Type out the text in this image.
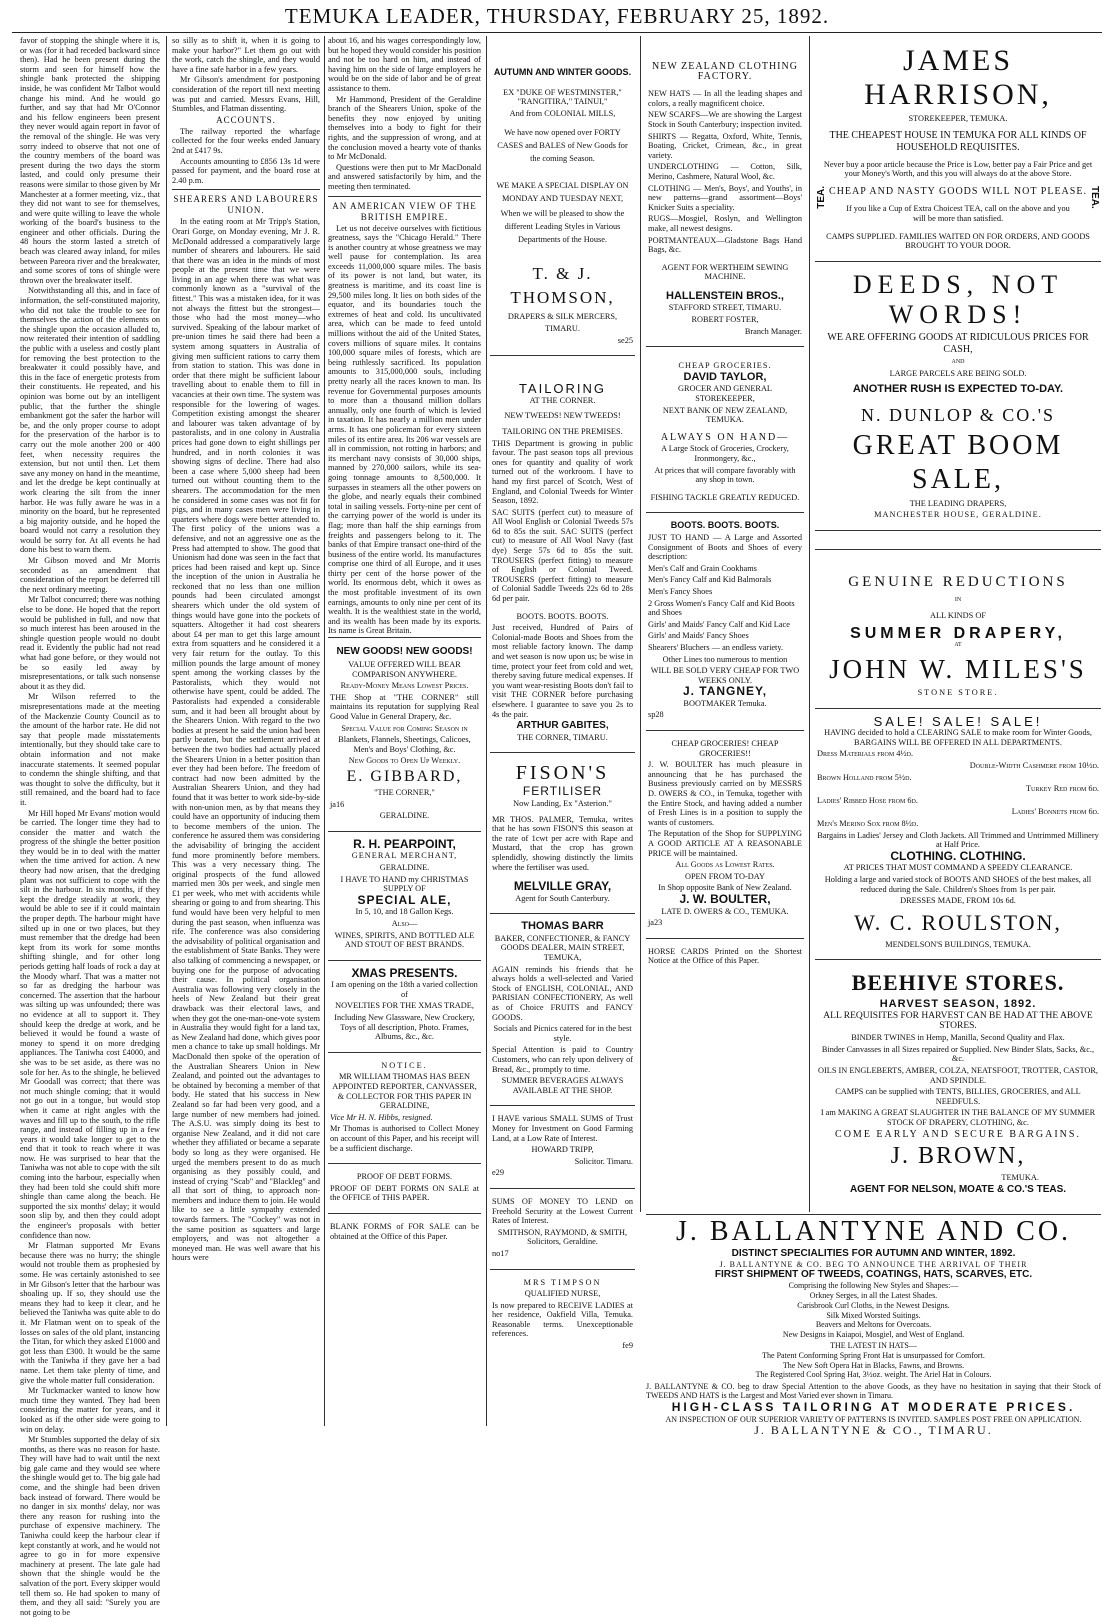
TEMUKA LEADER, THURSDAY, FEBRUARY 25, 1892.

favor of stopping the shingle where it is, or was (for it had receded backward since then). Had he been present during the storm and seen for himself how the shingle bank protected the shipping inside, he was confident Mr Talbot would change his mind. And he would go further, and say that had Mr O'Connor and his fellow engineers been present they never would again report in favor of the removal of the shingle. He was very sorry indeed to observe that not one of the country members of the board was present during the two days the storm lasted, and could only presume their reasons were similar to those given by Mr Manchester at a former meeting, viz., that they did not want to see for themselves, and were quite willing to leave the whole working of the board's business to the engineer and other officials. During the 48 hours the storm lasted a stretch of beach was cleared away inland, for miles between Pareora river and the breakwater, and some scores of tons of shingle were thrown over the breakwater itself.

Notwithstanding all this, and in face of information, the self-constituted majority, who did not take the trouble to see for themselves the action of the elements on the shingle upon the occasion alluded to, now reiterated their intention of saddling the public with a useless and costly plant for removing the best protection to the breakwater it could possibly have, and this in the face of energetic protests from their constituents. He repeated, and his opinion was borne out by an intelligent public, that the further the shingle embankment got the safer the harbor will be, and the only proper course to adopt for the preservation of the harbor is to carry out the mole another 200 or 400 feet, when necessity requires the extension, but not until then. Let them save any money on hand in the meantime, and let the dredge be kept continually at work clearing the silt from the inner harbor. He was fully aware he was in a minority on the board, but he represented a big majority outside, and he hoped the board would not carry a resolution they would be sorry for. At all events he had done his best to warn them.

Mr Gibson moved and Mr Morris seconded as an amendment that consideration of the report be deferred till the next ordinary meeting.

Mr Talbot concurred; there was nothing else to be done. He hoped that the report would be published in full, and now that so much interest has been aroused in the shingle question people would no doubt read it. Evidently the public had not read what had gone before, or they would not be so easily led away by misrepresentations, or talk such nonsense about it as they did.

Mr Wilson referred to the misrepresentations made at the meeting of the Mackenzie County Council as to the amount of the harbor rate. He did not say that people made misstatements intentionally, but they should take care to obtain information and not make inaccurate statements. It seemed popular to condemn the shingle shifting, and that was thought to solve the difficulty, but it still remained, and the board had to face it.

Mr Hill hoped Mr Evans' motion would be carried. The longer time they had to consider the matter and watch the progress of the shingle the better position they would be in to deal with the matter when the time arrived for action. A new theory had now arisen, that the dredging plant was not sufficient to cope with the silt in the harbour. In six months, if they kept the dredge steadily at work, they would be able to see if it could maintain the proper depth. The harbour might have silted up in one or two places, but they must remember that the dredge had been kept from its work for some months shifting shingle, and for other long periods getting half loads of rock a day at the Moody wharf. That was a matter not so far as dredging the harbour was concerned. The assertion that the harbour was silting up was unfounded; there was no evidence at all to support it. They should keep the dredge at work, and he believed it would be found a waste of money to spend it on more dredging appliances. The Taniwha cost £4000, and she was to be set aside, as there was no sole for her. As to the shingle, he believed Mr Goodall was correct; that there was not much shingle coming; that it would not go out in a tongue, but would stop when it came at right angles with the waves and fill up to the south, to the rifle range, and instead of filling up in a few years it would take longer to get to the end that it took to reach where it was now. He was surprised to hear that the Taniwha was not able to cope with the silt coming into the harbour, especially when they had been told she could shift more shingle than came along the beach. He supported the six months' delay; it would soon slip by, and then they could adopt the engineer's proposals with better confidence than now.

Mr Flatman supported Mr Evans because there was no hurry; the shingle would not trouble them as prophesied by some. He was certainly astonished to see in Mr Gibson's letter that the harbour was shoaling up. If so, they should use the means they had to keep it clear, and he believed the Taniwha was quite able to do it. Mr Flatman went on to speak of the losses on sales of the old plant, instancing the Titan, for which they asked £1000 and got less than £300. It would be the same with the Taniwha if they gave her a bad name. Let them take plenty of time, and give the whole matter full consideration.

Mr Tuckmacker wanted to know how much time they wanted. They had been considering the matter for years, and it looked as if the other side were going to win on delay.

Mr Stumbles supported the delay of six months, as there was no reason for haste. They will have had to wait until the next big gale came and they would see where the shingle would get to. The big gale had come, and the shingle had been driven back instead of forward. There would be no danger in six months' delay, nor was there any reason for rushing into the purchase of expensive machinery. The Taniwha could keep the harbour clear if kept constantly at work, and he would not agree to go in for more expensive machinery at present. The late gale had shown that the shingle would be the salvation of the port. Every skipper would tell them so. He had spoken to many of them, and they all said: "Surely you are not going to be

so silly as to shift it, when it is going to make your harbor?" Let them go out with the work, catch the shingle, and they would have a fine safe harbor in a few years.

Mr Gibson's amendment for postponing consideration of the report till next meeting was put and carried. Messrs Evans, Hill, Stumbles, and Flatman dissenting.

ACCOUNTS.

The railway reported the wharfage collected for the four weeks ended January 2nd at £417 9s.

Accounts amounting to £856 13s 1d were passed for payment, and the board rose at 2.40 p.m.

SHEARERS AND LABOURERS UNION.

In the eating room at Mr Tripp's Station, Orari Gorge, on Monday evening, Mr J. R. McDonald addressed a comparatively large number of shearers and labourers. He said that there was an idea in the minds of most people at the present time that we were living in an age when there was what was commonly known as a "survival of the fittest." This was a mistaken idea, for it was not always the fittest but the strongest—those who had the most money—who survived. Speaking of the labour market of pre-union times he said there had been a system among squatters in Australia of giving men sufficient rations to carry them from station to station. This was done in order that there might be sufficient labour travelling about to enable them to fill in vacancies at their own time. The system was responsible for the lowering of wages. Competition existing amongst the shearer and labourer was taken advantage of by pastoralists, and in one colony in Australia prices had gone down to eight shillings per hundred, and in north colonies it was showing signs of decline. There had also been a case where 5,000 sheep had been turned out without counting them to the shearers. The accommodation for the men he considered in some cases was not fit for pigs, and in many cases men were living in quarters where dogs were better attended to. The first policy of the unions was a defensive, and not an aggressive one as the Press had attempted to show. The good that Unionism had done was seen in the fact that prices had been raised and kept up. Since the inception of the union in Australia he reckoned that no less than one million pounds had been circulated amongst shearers which under the old system of things would have gone into the pockets of squatters. Altogether it had cost shearers about £4 per man to get this large amount extra from squatters and he considered it a very fair return for the outlay. To this million pounds the large amount of money spent among the working classes by the Pastoralists, which they would not otherwise have spent, could be added. The Pastoralists had expended a considerable sum, and it had been all brought about by the Shearers Union. With regard to the two bodies at present he said the union had been partly beaten, but the settlement arrived at between the two bodies had actually placed the Shearers Union in a better position than ever they had been before. The freedom of contract had now been admitted by the Australian Shearers Union, and they had found that it was better to work side-by-side with non-union men, as by that means they could have an opportunity of inducing them to become members of the union. The conference he assured them was considering the advisability of bringing the accident fund more prominently before members. This was a very necessary thing. The original prospects of the fund allowed married men 30s per week, and single men £1 per week, who met with accidents while shearing or going to and from shearing. This fund would have been very helpful to men during the past season, when influenza was rife. The conference was also considering the advisability of political organisation and the establishment of State Banks. They were also talking of commencing a newspaper, or buying one for the purpose of advocating their cause. In political organisation Australia was following very closely in the heels of New Zealand but their great drawback was their electoral laws, and when they got the one-man-one-vote system in Australia they would fight for a land tax, as New Zealand had done, which gives poor men a chance to take up small holdings. Mr MacDonald then spoke of the operation of the Australian Shearers Union in New Zealand, and pointed out the advantages to be obtained by becoming a member of that body. He stated that his success in New Zealand so far had been very good, and a large number of new members had joined. The A.S.U. was simply doing its best to organise New Zealand, and it did not care whether they affiliated or became a separate body so long as they were organised. He urged the members present to do as much organising as they possibly could, and instead of crying "Scab" and "Blackleg" and all that sort of thing, to approach non-members and induce them to join. He would like to see a little sympathy extended towards farmers. The "Cockey" was not in the same position as squatters and large employers, and was not altogether a moneyed man. He was well aware that his hours were

about 16, and his wages correspondingly low, but he hoped they would consider his position and not be too hard on him, and instead of having him on the side of large employers he would be on the side of labor and be of great assistance to them.

Mr Hammond, President of the Geraldine branch of the Shearers Union, spoke of the benefits they now enjoyed by uniting themselves into a body to fight for their rights, and the suppression of wrong, and at the conclusion moved a hearty vote of thanks to Mr McDonald.

Questions were then put to Mr MacDonald and answered satisfactorily by him, and the meeting then terminated.

AN AMERICAN VIEW OF THE BRITISH EMPIRE.

Let us not deceive ourselves with fictitious greatness, says the "Chicago Herald." There is another country at whose greatness we may well pause for contemplation. Its area exceeds 11,000,000 square miles. The basis of its power is not land, but water, its greatness is maritime, and its coast line is 29,500 miles long. It lies on both sides of the equator, and its boundaries touch the extremes of heat and cold. Its uncultivated area, which can be made to feed untold millions without the aid of the United States, covers millions of square miles. It contains 100,000 square miles of forests, which are being ruthlessly sacrificed. Its population amounts to 315,000,000 souls, including pretty nearly all the races known to man. Its revenue for Governmental purposes amounts to more than a thousand million dollars annually, only one fourth of which is levied in taxation. It has nearly a million men under arms. It has one policeman for every sixteen miles of its entire area. Its 206 war vessels are all in commission, not rotting in harbors; and its merchant navy consists of 30,000 ships, manned by 270,000 sailors, while its sea-going tonnage amounts to 8,500,000. It surpasses in steamers all the other powers on the globe, and nearly equals their combined total in sailing vessels. Forty-nine per cent of the carrying power of the world is under its flag; more than half the ship earnings from freights and passengers belong to it. The banks of that Empire transact one-third of the business of the entire world. Its manufactures comprise one third of all Europe, and it uses thirty per cent of the horse power of the world. Its enormous debt, which it owes as the most profitable investment of its own earnings, amounts to only nine per cent of its wealth. It is the wealthiest state in the world, and its wealth has been made by its exports. Its name is Great Britain.

NEW GOODS! NEW GOODS!

VALUE OFFERED WILL BEAR COMPARISON ANYWHERE.

Ready-Money Means Lowest Prices.

THE Shop at "THE CORNER" still maintains its reputation for supplying Real Good Value in General Drapery, &c.

Special Value for Coming Season in

Blankets, Flannels, Sheetings, Calicoes, Men's and Boys' Clothing, &c.

New Goods to Open Up Weekly.

E. GIBBARD,

"THE CORNER,"

ja16

GERALDINE.

R. H. PEARPOINT,

GENERAL MERCHANT,

GERALDINE.

I HAVE TO HAND my CHRISTMAS SUPPLY OF

SPECIAL ALE,

In 5, 10, and 18 Gallon Kegs.

Also—

WINES, SPIRITS, AND BOTTLED ALE AND STOUT OF BEST BRANDS.

XMAS PRESENTS.

I am opening on the 18th a varied collection of

NOVELTIES FOR THE XMAS TRADE,

Including New Glassware, New Crockery, Toys of all description, Photo. Frames, Albums, &c., &c.

NOTICE.

MR WILLIAM THOMAS HAS BEEN APPOINTED REPORTER, CANVASSER, & COLLECTOR FOR THIS PAPER IN GERALDINE,

Vice Mr H. N. Hibbs, resigned.

Mr Thomas is authorised to Collect Money on account of this Paper, and his receipt will be a sufficient discharge.

PROOF OF DEBT FORMS.

PROOF OF DEBT FORMS ON SALE at the OFFICE of THIS PAPER.

BLANK FORMS of FOR SALE can be obtained at the Office of this Paper.

AUTUMN AND WINTER GOODS.

EX "DUKE OF WESTMINSTER," "RANGITIRA," TAINUI,"

And from COLONIAL MILLS,

We have now opened over FORTY CASES and BALES of New Goods for the coming Season.

WE MAKE A SPECIAL DISPLAY ON MONDAY AND TUESDAY NEXT,

When we will be pleased to show the different Leading Styles in Various Departments of the House.

T. & J. THOMSON,

DRAPERS & SILK MERCERS,

TIMARU.

se25

TAILORING

AT THE CORNER.

NEW TWEEDS! NEW TWEEDS!

TAILORING ON THE PREMISES.

THIS Department is growing in public favour. The past season tops all previous ones for quantity and quality of work turned out of the workroom. I have to hand my first parcel of Scotch, West of England, and Colonial Tweeds for Winter Season, 1892.

SAC SUITS (perfect cut) to measure of All Wool English or Colonial Tweeds 57s 6d to 85s the suit. SAC SUITS (perfect cut) to measure of All Wool Navy (fast dye) Serge 57s 6d to 85s the suit. TROUSERS (perfect fitting) to measure of English or Colonial Tweed. TROUSERS (perfect fitting) to measure of Colonial Saddle Tweeds 22s 6d to 28s 6d per pair.

BOOTS. BOOTS. BOOTS.

Just received, Hundred of Pairs of Colonial-made Boots and Shoes from the most reliable factory known. The damp and wet season is now upon us; be wise in time, protect your feet from cold and wet, thereby saving future medical expenses. If you want wear-resisting Boots don't fail to visit THE CORNER before purchasing elsewhere. I guarantee to save you 2s to 4s the pair.

ARTHUR GABITES,

THE CORNER, TIMARU.

FISON'S

FERTILISER

Now Landing, Ex "Asterion."

MR THOS. PALMER, Temuka, writes that he has sown FISON'S this season at the rate of 1cwt per acre with Rape and Mustard, that the crop has grown splendidly, showing distinctly the limits where the fertiliser was used.

MELVILLE GRAY,

Agent for South Canterbury.

THOMAS BARR

BAKER, CONFECTIONER, & FANCY GOODS DEALER, MAIN STREET, TEMUKA,

AGAIN reminds his friends that he always holds a well-selected and Varied Stock of ENGLISH, COLONIAL, AND PARISIAN CONFECTIONERY, As well as of Choice FRUITS and FANCY GOODS.

Socials and Picnics catered for in the best style.

Special Attention is paid to Country Customers, who can rely upon delivery of Bread, &c., promptly to time.

SUMMER BEVERAGES ALWAYS AVAILABLE AT THE SHOP.

I HAVE various SMALL SUMS of Trust Money for Investment on Good Farming Land, at a Low Rate of Interest.

HOWARD TRIPP,

Solicitor. Timaru.

e29

SUMS OF MONEY TO LEND on Freehold Security at the Lowest Current Rates of Interest.

SMITHSON, RAYMOND, & SMITH, Solicitors, Geraldine.

no17

MRS TIMPSON

QUALIFIED NURSE,

Is now prepared to RECEIVE LADIES at her residence, Oakfield Villa, Temuka. Reasonable terms. Unexceptionable references.

fe9

NEW ZEALAND CLOTHING FACTORY.

NEW HATS — In all the leading shapes and colors, a really magnificent choice.

NEW SCARFS—We are showing the Largest Stock in South Canterbury; inspection invited.

SHIRTS — Regatta, Oxford, White, Tennis, Boating, Cricket, Crimean, &c., in great variety.

UNDERCLOTHING — Cotton, Silk, Merino, Cashmere, Natural Wool, &c.

CLOTHING — Men's, Boys', and Youths', in new patterns—grand assortment—Boys' Knicker Suits a speciality.

RUGS—Mosgiel, Roslyn, and Wellington make, all newest designs.

PORTMANTEAUX—Gladstone Bags Hand Bags, &c.

AGENT FOR WERTHEIM SEWING MACHINE.

HALLENSTEIN BROS.,

STAFFORD STREET, TIMARU.

ROBERT FOSTER,

Branch Manager.

CHEAP GROCERIES.

DAVID TAYLOR,

GROCER AND GENERAL STOREKEEPER,

NEXT BANK OF NEW ZEALAND, TEMUKA.

ALWAYS ON HAND—

A Large Stock of Groceries, Crockery, Ironmongery, &c.,

At prices that will compare favorably with any shop in town.

FISHING TACKLE GREATLY REDUCED.

BOOTS. BOOTS. BOOTS.

JUST TO HAND — A Large and Assorted Consignment of Boots and Shoes of every description:

Men's Calf and Grain Cookhams

Men's Fancy Calf and Kid Balmorals

Men's Fancy Shoes

2 Gross Women's Fancy Calf and Kid Boots and Shoes

Girls' and Maids' Fancy Calf and Kid Lace

Girls' and Maids' Fancy Shoes

Shearers' Bluchers — an endless variety.

Other Lines too numerous to mention

WILL BE SOLD VERY CHEAP FOR TWO WEEKS ONLY.

J. TANGNEY,

BOOTMAKER Temuka.

sp28

CHEAP GROCERIES! CHEAP GROCERIES!!

J. W. BOULTER has much pleasure in announcing that he has purchased the Business previously carried on by MESSRS D. OWERS & CO., in Temuka, together with the Entire Stock, and having added a number of Fresh Lines is in a position to supply the wants of customers.

The Reputation of the Shop for SUPPLYING A GOOD ARTICLE AT A REASONABLE PRICE will be maintained.

All Goods as Lowest Rates.

OPEN FROM TO-DAY

In Shop opposite Bank of New Zealand.

J. W. BOULTER,

LATE D. OWERS & CO., TEMUKA.

ja23

HORSE CARDS Printed on the Shortest Notice at the Office of this Paper.

JAMES HARRISON,

STOREKEEPER, TEMUKA.

THE CHEAPEST HOUSE IN TEMUKA FOR ALL KINDS OF HOUSEHOLD REQUISITES.

Never buy a poor article because the Price is Low, better pay a Fair Price and get your Money's Worth, and this you will always do at the above Store.

CHEAP AND NASTY GOODS WILL NOT PLEASE.

If you like a Cup of Extra Choicest TEA, call on the above and you will be more than satisfied.

TEA.	TEA.

CAMPS SUPPLIED. FAMILIES WAITED ON FOR ORDERS, AND GOODS BROUGHT TO YOUR DOOR.

DEEDS, NOT WORDS!

WE ARE OFFERING GOODS AT RIDICULOUS PRICES FOR CASH,

AND

LARGE PARCELS ARE BEING SOLD.

ANOTHER RUSH IS EXPECTED TO-DAY.

N. DUNLOP & CO.'S

GREAT BOOM SALE,

THE LEADING DRAPERS,

MANCHESTER HOUSE, GERALDINE.

GENUINE REDUCTIONS

IN

ALL KINDS OF

SUMMER DRAPERY,

AT

JOHN W. MILES'S

STONE STORE.

SALE! SALE! SALE!

HAVING decided to hold a CLEARING SALE to make room for Winter Goods, BARGAINS WILL BE OFFERED IN ALL DEPARTMENTS.

Dress Materials from 4½d.

Double-Width Cashmere from 10½d.

Brown Holland from 5½d.

Turkey Red from 6d.

Ladies' Ribbed Hose from 6d.

Ladies' Bonnets from 6d.

Men's Merino Sox from 8½d.

Bargains in Ladies' Jersey and Cloth Jackets. All Trimmed and Untrimmed Millinery at Half Price.

CLOTHING. CLOTHING.

AT PRICES THAT MUST COMMAND A SPEEDY CLEARANCE.

Holding a large and varied stock of BOOTS AND SHOES of the best makes, all reduced during the Sale. Children's Shoes from 1s per pair.

DRESSES MADE, FROM 10s 6d.

W. C. ROULSTON,

MENDELSON'S BUILDINGS, TEMUKA.

BEEHIVE STORES.

HARVEST SEASON, 1892.

ALL REQUISITES FOR HARVEST CAN BE HAD AT THE ABOVE STORES.

BINDER TWINES in Hemp, Manilla, Second Quality and Flax.

Binder Canvasses in all Sizes repaired or Supplied. New Binder Slats, Sacks, &c., &c.

OILS IN ENGLEBERTS, AMBER, COLZA, NEATSFOOT, TROTTER, CASTOR, AND SPINDLE.

CAMPS can be supplied with TENTS, BILLIES, GROCERIES, and ALL NEEDFULS.

I am MAKING A GREAT SLAUGHTER IN THE BALANCE OF MY SUMMER STOCK OF DRAPERY, CLOTHING, &c.

COME EARLY AND SECURE BARGAINS.

J. BROWN,

TEMUKA.

AGENT FOR NELSON, MOATE & CO.'S TEAS.

J. BALLANTYNE AND CO.

DISTINCT SPECIALITIES FOR AUTUMN AND WINTER, 1892.

J. BALLANTYNE & CO. BEG TO ANNOUNCE THE ARRIVAL OF THEIR

FIRST SHIPMENT OF TWEEDS, COATINGS, HATS, SCARVES, ETC.

Comprising the following New Styles and Shapes:—

Orkney Serges, in all the Latest Shades.

Carisbrook Curl Cloths, in the Newest Designs.

Silk Mixed Worsted Suitings.

Beavers and Meltons for Overcoats.

New Designs in Kaiapoi, Mosgiel, and West of England.

THE LATEST IN HATS—

The Patent Conforming Spring Front Hat is unsurpassed for Comfort.

The New Soft Opera Hat in Blacks, Fawns, and Browns.

The Registered Cool Spring Hat, 3½oz. weight. The Ariel Hat in Colours.

J. BALLANTYNE & CO. beg to draw Special Attention to the above Goods, as they have no hesitation in saying that their Stock of TWEEDS AND HATS is the Largest and Most Varied ever shown in Timaru.

HIGH-CLASS TAILORING AT MODERATE PRICES.

AN INSPECTION OF OUR SUPERIOR VARIETY OF PATTERNS IS INVITED. SAMPLES POST FREE ON APPLICATION.

J. BALLANTYNE & CO., TIMARU.
